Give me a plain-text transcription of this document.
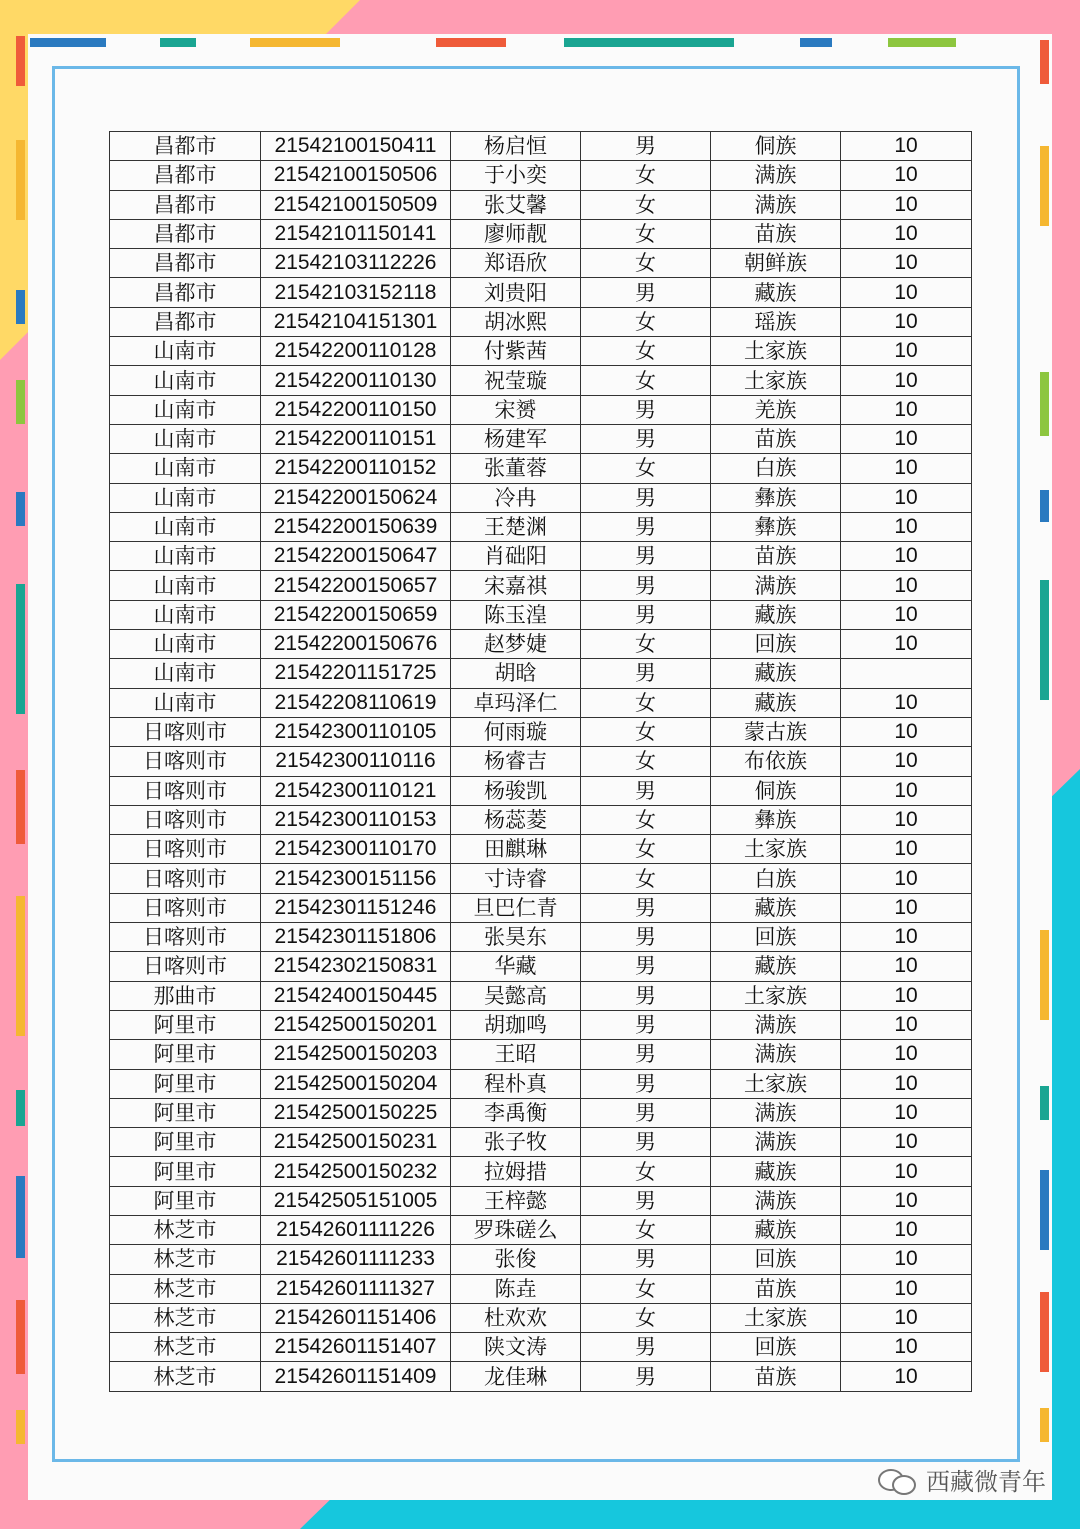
昌都市	21542100150411	杨启恒	男	侗族	10
昌都市	21542100150506	于小奕	女	满族	10
昌都市	21542100150509	张艾馨	女	满族	10
昌都市	21542101150141	廖师靓	女	苗族	10
昌都市	21542103112226	郑语欣	女	朝鲜族	10
昌都市	21542103152118	刘贵阳	男	藏族	10
昌都市	21542104151301	胡冰熙	女	瑶族	10
山南市	21542200110128	付紫茜	女	土家族	10
山南市	21542200110130	祝莹璇	女	土家族	10
山南市	21542200110150	宋赟	男	羌族	10
山南市	21542200110151	杨建军	男	苗族	10
山南市	21542200110152	张董蓉	女	白族	10
山南市	21542200150624	冷冉	男	彝族	10
山南市	21542200150639	王楚渊	男	彝族	10
山南市	21542200150647	肖础阳	男	苗族	10
山南市	21542200150657	宋嘉祺	男	满族	10
山南市	21542200150659	陈玉湟	男	藏族	10
山南市	21542200150676	赵梦婕	女	回族	10
山南市	21542201151725	胡晗	男	藏族	
山南市	21542208110619	卓玛泽仁	女	藏族	10
日喀则市	21542300110105	何雨璇	女	蒙古族	10
日喀则市	21542300110116	杨睿吉	女	布依族	10
日喀则市	21542300110121	杨骏凯	男	侗族	10
日喀则市	21542300110153	杨蕊菱	女	彝族	10
日喀则市	21542300110170	田麒琳	女	土家族	10
日喀则市	21542300151156	寸诗睿	女	白族	10
日喀则市	21542301151246	旦巴仁青	男	藏族	10
日喀则市	21542301151806	张昊东	男	回族	10
日喀则市	21542302150831	华藏	男	藏族	10
那曲市	21542400150445	吴懿高	男	土家族	10
阿里市	21542500150201	胡珈鸣	男	满族	10
阿里市	21542500150203	王昭	男	满族	10
阿里市	21542500150204	程朴真	男	土家族	10
阿里市	21542500150225	李禹衡	男	满族	10
阿里市	21542500150231	张子牧	男	满族	10
阿里市	21542500150232	拉姆措	女	藏族	10
阿里市	21542505151005	王梓懿	男	满族	10
林芝市	21542601111226	罗珠磋么	女	藏族	10
林芝市	21542601111233	张俊	男	回族	10
林芝市	21542601111327	陈垚	女	苗族	10
林芝市	21542601151406	杜欢欢	女	土家族	10
林芝市	21542601151407	陕文涛	男	回族	10
林芝市	21542601151409	龙佳琳	男	苗族	10
西藏微青年
